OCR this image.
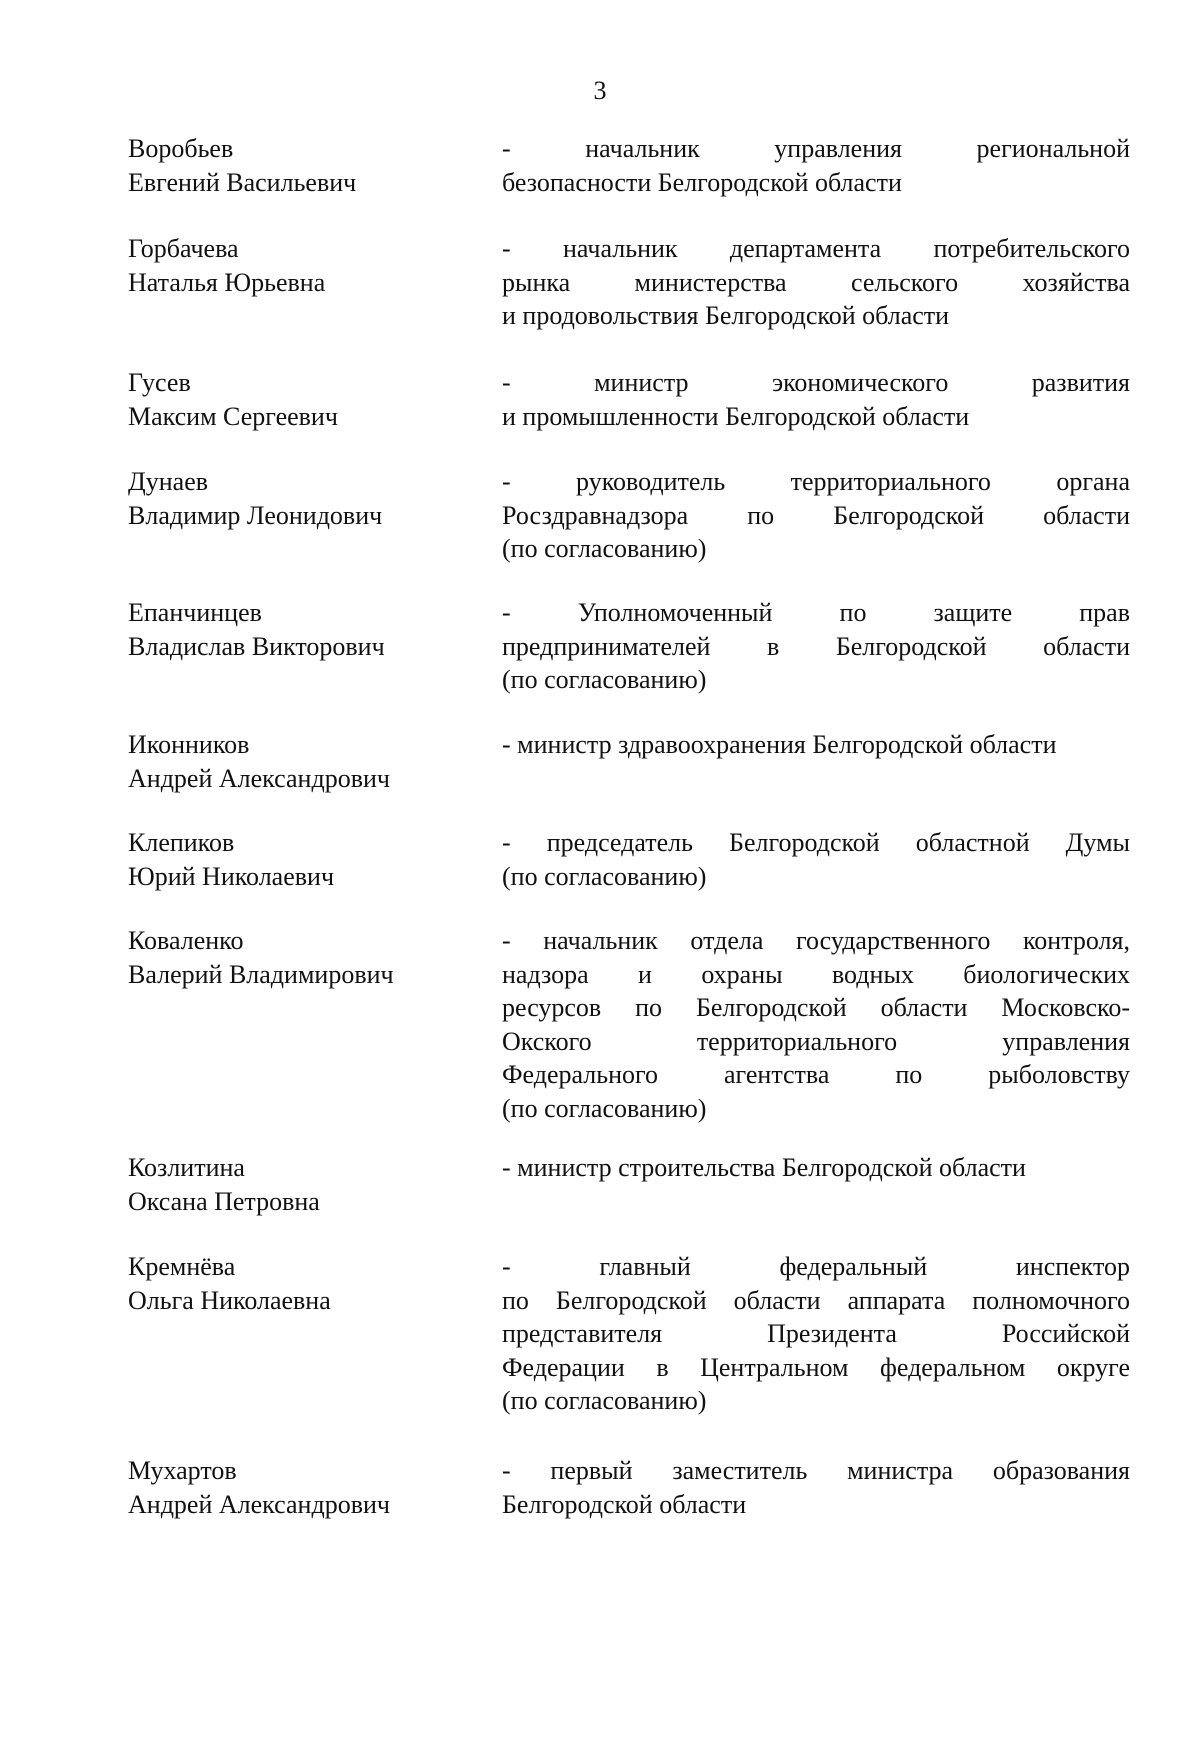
3
Воробьев
Евгений Васильевич
- начальник управления региональной
безопасности Белгородской области
Горбачева
Наталья Юрьевна
- начальник департамента потребительского
рынка министерства сельского хозяйства
и продовольствия Белгородской области
Гусев
Максим Сергеевич
- министр экономического развития
и промышленности Белгородской области
Дунаев
Владимир Леонидович
- руководитель территориального органа
Росздравнадзора по Белгородской области
(по согласованию)
Епанчинцев
Владислав Викторович
- Уполномоченный по защите прав
предпринимателей в Белгородской области
(по согласованию)
Иконников
Андрей Александрович
- министр здравоохранения Белгородской области
Клепиков
Юрий Николаевич
- председатель Белгородской областной Думы
(по согласованию)
Коваленко
Валерий Владимирович
- начальник отдела государственного контроля,
надзора и охраны водных биологических
ресурсов по Белгородской области Московско-
Окского территориального управления
Федерального агентства по рыболовству
(по согласованию)
Козлитина
Оксана Петровна
- министр строительства Белгородской области
Кремнёва
Ольга Николаевна
- главный федеральный инспектор
по Белгородской области аппарата полномочного
представителя Президента Российской
Федерации в Центральном федеральном округе
(по согласованию)
Мухартов
Андрей Александрович
- первый заместитель министра образования
Белгородской области
